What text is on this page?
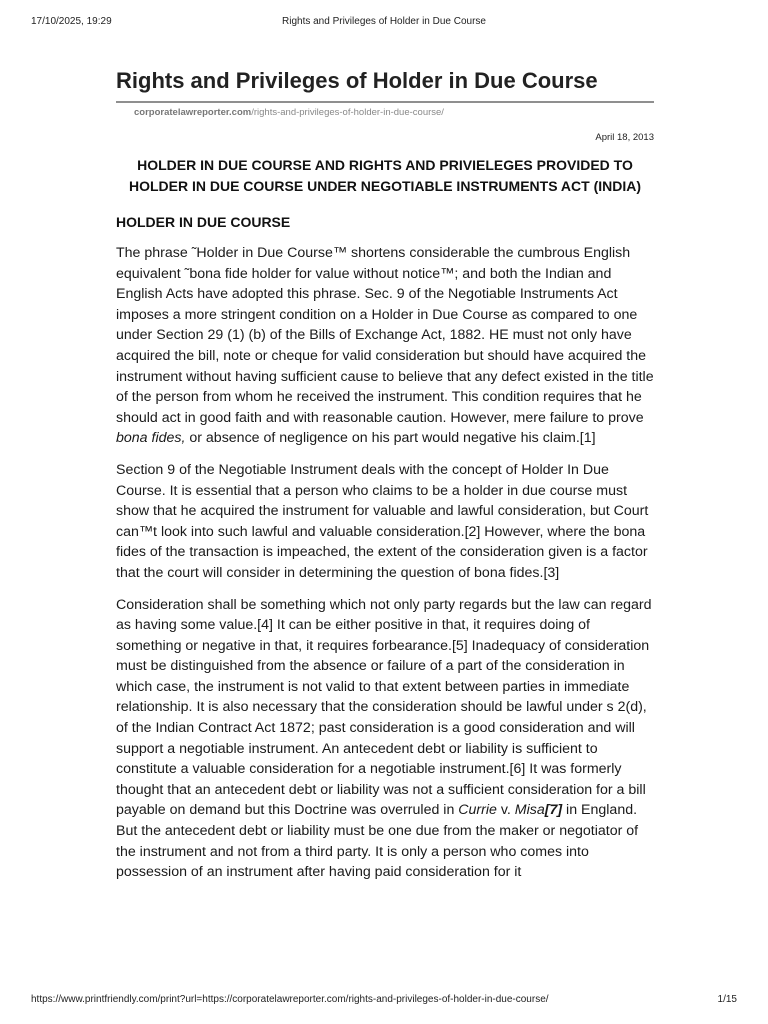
17/10/2025, 19:29	Rights and Privileges of Holder in Due Course
Rights and Privileges of Holder in Due Course
corporatelawreporter.com/rights-and-privileges-of-holder-in-due-course/
April 18, 2013
HOLDER IN DUE COURSE AND RIGHTS AND PRIVIELEGES PROVIDED TO HOLDER IN DUE COURSE UNDER NEGOTIABLE INSTRUMENTS ACT (INDIA)
HOLDER IN DUE COURSE

The phrase ˜Holder in Due Course™ shortens considerable the cumbrous English equivalent ˜bona fide holder for value without notice™; and both the Indian and English Acts have adopted this phrase. Sec. 9 of the Negotiable Instruments Act imposes a more stringent condition on a Holder in Due Course as compared to one under Section 29 (1) (b) of the Bills of Exchange Act, 1882. HE must not only have acquired the bill, note or cheque for valid consideration but should have acquired the instrument without having sufficient cause to believe that any defect existed in the title of the person from whom he received the instrument. This condition requires that he should act in good faith and with reasonable caution. However, mere failure to prove bona fides, or absence of negligence on his part would negative his claim.[1]

Section 9 of the Negotiable Instrument deals with the concept of Holder In Due Course. It is essential that a person who claims to be a holder in due course must show that he acquired the instrument for valuable and lawful consideration, but Court can™t look into such lawful and valuable consideration.[2] However, where the bona fides of the transaction is impeached, the extent of the consideration given is a factor that the court will consider in determining the question of bona fides.[3]

Consideration shall be something which not only party regards but the law can regard as having some value.[4] It can be either positive in that, it requires doing of something or negative in that, it requires forbearance.[5] Inadequacy of consideration must be distinguished from the absence or failure of a part of the consideration in which case, the instrument is not valid to that extent between parties in immediate relationship. It is also necessary that the consideration should be lawful under s 2(d), of the Indian Contract Act 1872; past consideration is a good consideration and will support a negotiable instrument. An antecedent debt or liability is sufficient to constitute a valuable consideration for a negotiable instrument.[6] It was formerly thought that an antecedent debt or liability was not a sufficient consideration for a bill payable on demand but this Doctrine was overruled in Currie v. Misa[7] in England. But the antecedent debt or liability must be one due from the maker or negotiator of the instrument and not from a third party. It is only a person who comes into possession of an instrument after having paid consideration for it

https://www.printfriendly.com/print?url=https://corporatelawreporter.com/rights-and-privileges-of-holder-in-due-course/	1/15
